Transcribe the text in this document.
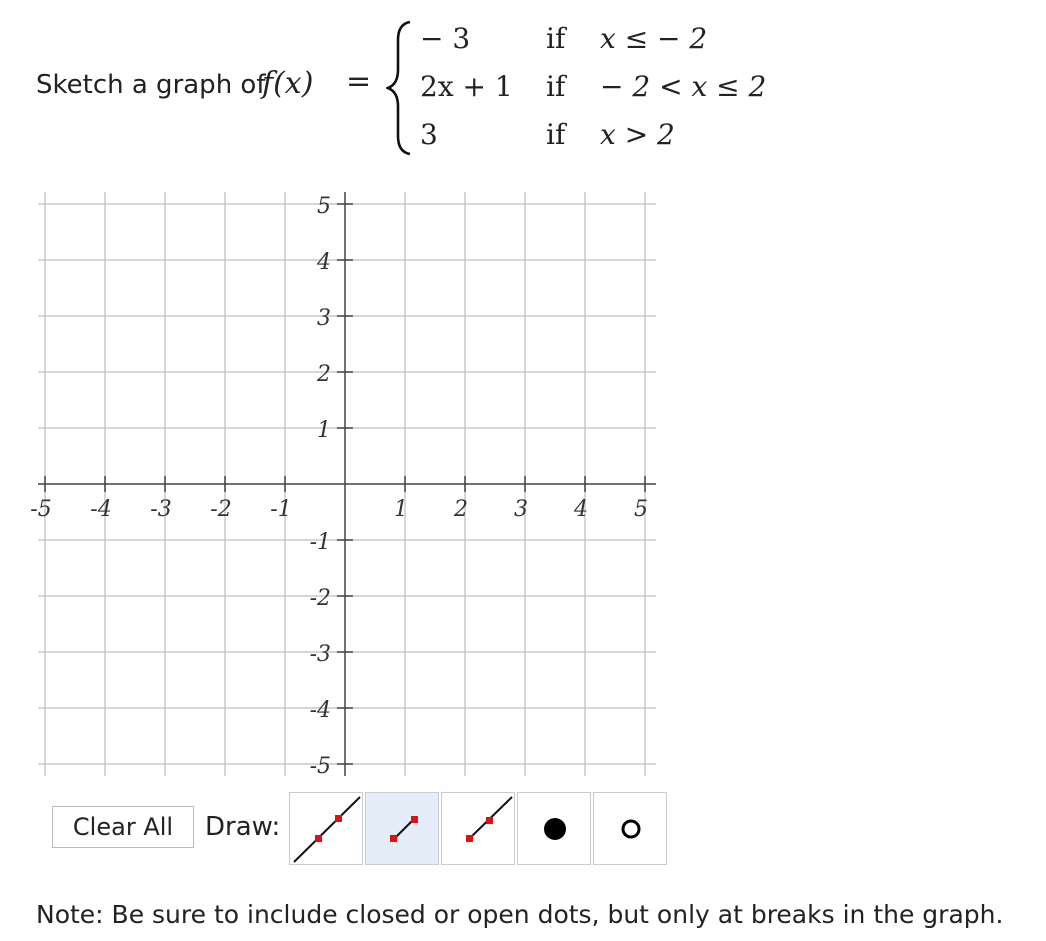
Sketch a graph of
f(x) =
− 3	if x ≤ − 2
2x + 1 if − 2 < x ≤ 2
3	if x > 2
-5 -4 -3 -2 -1	1 2 3 4 5
5
4
3
2
1
-1
-2
-3
-4
-5
Clear All	Draw:
Note: Be sure to include closed or open dots, but only at breaks in the graph.
